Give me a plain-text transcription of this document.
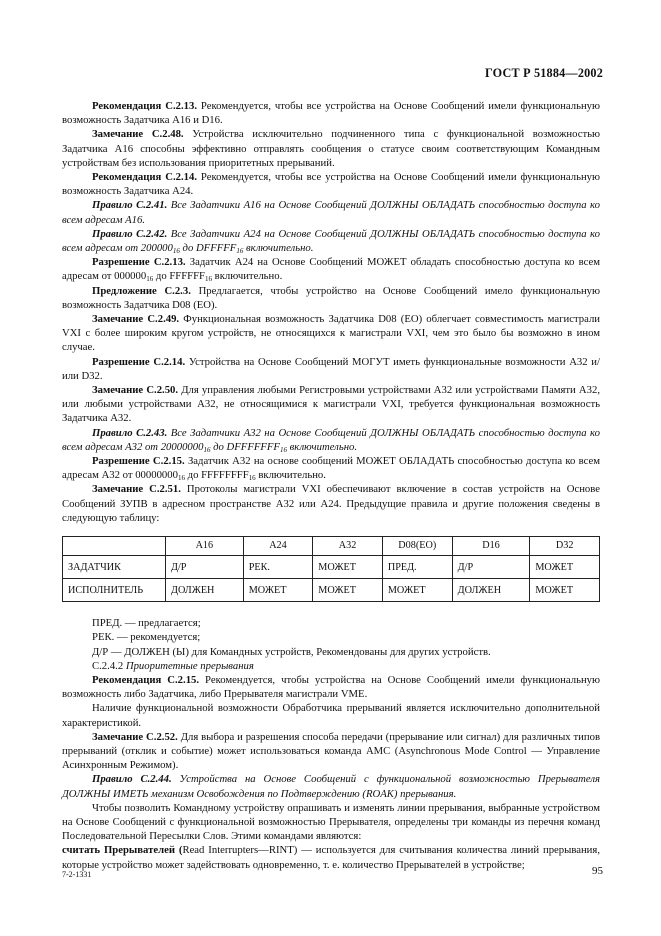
ГОСТ Р 51884—2002

Рекомендация С.2.13. Рекомендуется, чтобы все устройства на Основе Сообщений имели функциональную возможность Задатчика A16 и D16.

Замечание С.2.48. Устройства исключительно подчиненного типа с функциональной возможностью Задатчика A16 способны эффективно отправлять сообщения о статусе своим соответствующим Командным устройствам без использования приоритетных прерываний.

Рекомендация С.2.14. Рекомендуется, чтобы все устройства на Основе Сообщений имели функциональную возможность Задатчика A24.

Правило С.2.41. Все Задатчики A16 на Основе Сообщений ДОЛЖНЫ ОБЛАДАТЬ способностью доступа ко всем адресам A16.

Правило С.2.42. Все Задатчики A24 на Основе Сообщений ДОЛЖНЫ ОБЛАДАТЬ способностью доступа ко всем адресам от $200000_{16}$ до $DFFFFF_{16}$ включительно.

Разрешение С.2.13. Задатчик A24 на Основе Сообщений МОЖЕТ обладать способностью доступа ко всем адресам от $000000_{16}$ до $FFFFFF_{16}$ включительно.

Предложение С.2.3. Предлагается, чтобы устройство на Основе Сообщений имело функциональную возможность Задатчика D08 (EO).

Замечание С.2.49. Функциональная возможность Задатчика D08 (EO) облегчает совместимость магистрали VXI с более широким кругом устройств, не относящихся к магистрали VXI, чем это было бы возможно в ином случае.

Разрешение С.2.14. Устройства на Основе Сообщений МОГУТ иметь функциональные возможности A32 и/или D32.

Замечание С.2.50. Для управления любыми Регистровыми устройствами A32 или устройствами Памяти A32, или любыми устройствами A32, не относящимися к магистрали VXI, требуется функциональная возможность Задатчика A32.

Правило С.2.43. Все Задатчики A32 на Основе Сообщений ДОЛЖНЫ ОБЛАДАТЬ способностью доступа ко всем адресам A32 от $20000000_{16}$ до $DFFFFFFF_{16}$ включительно.

Разрешение С.2.15. Задатчик A32 на основе сообщений МОЖЕТ ОБЛАДАТЬ способностью доступа ко всем адресам A32 от $00000000_{16}$ до $FFFFFFFF_{16}$ включительно.

Замечание С.2.51. Протоколы магистрали VXI обеспечивают включение в состав устройств на Основе Сообщений ЗУПВ в адресном пространстве A32 или A24. Предыдущие правила и другие положения сведены в следующую таблицу:

	A16	A24	A32	D08(EO)	D16	D32
ЗАДАТЧИК	Д/Р	РЕК.	МОЖЕТ	ПРЕД.	Д/Р	МОЖЕТ
ИСПОЛНИТЕЛЬ	ДОЛЖЕН	МОЖЕТ	МОЖЕТ	МОЖЕТ	ДОЛЖЕН	МОЖЕТ

ПРЕД. — предлагается;

РЕК. — рекомендуется;

Д/Р — ДОЛЖЕН (Ы) для Командных устройств, Рекомендованы для других устройств.

С.2.4.2 Приоритетные прерывания

Рекомендация С.2.15. Рекомендуется, чтобы устройства на Основе Сообщений имели функциональную возможность либо Задатчика, либо Прерывателя магистрали VME.

Наличие функциональной возможности Обработчика прерываний является исключительно дополнительной характеристикой.

Замечание С.2.52. Для выбора и разрешения способа передачи (прерывание или сигнал) для различных типов прерываний (отклик и событие) может использоваться команда AMC (Asynchronous Mode Control — Управление Асинхронным Режимом).

Правило С.2.44. Устройства на Основе Сообщений с функциональной возможностью Прерывателя ДОЛЖНЫ ИМЕТЬ механизм Освобождения по Подтверждению (ROAK) прерывания.

Чтобы позволить Командному устройству опрашивать и изменять линии прерывания, выбранные устройством на Основе Сообщений с функциональной возможностью Прерывателя, определены три команды из перечня команд Последовательной Пересылки Слов. Этими командами являются:

считать Прерывателей (Read Interrupters—RINT) — используется для считывания количества линий прерывания, которые устройство может задействовать одновременно, т. е. количество Прерывателей в устройстве;

7-2-1331	95
